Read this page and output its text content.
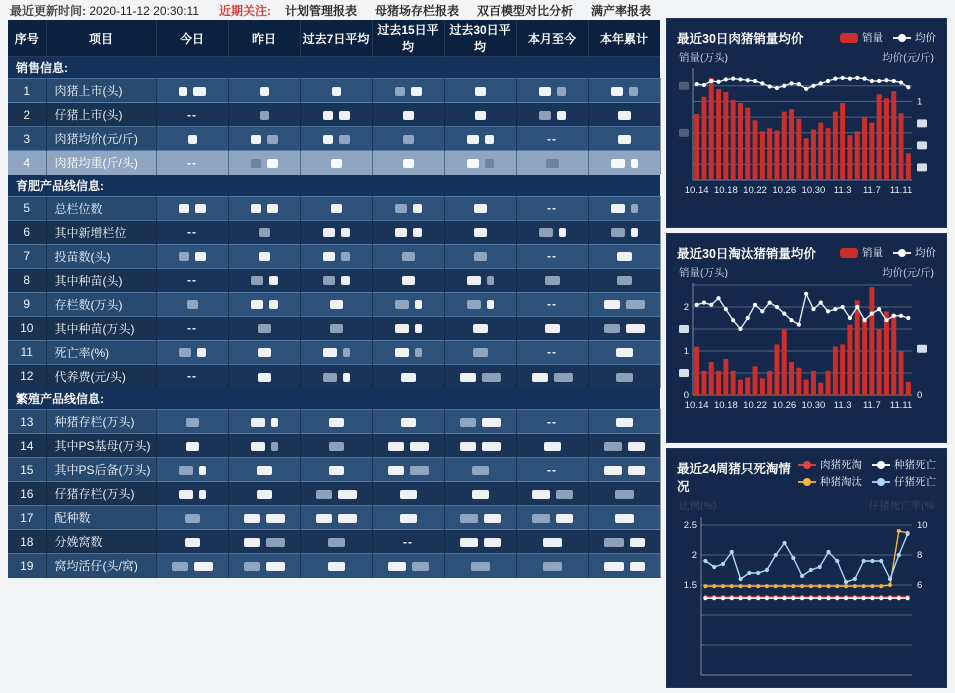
最近更新时间: 2020-11-12 20:30:11 近期关注: 计划管理报表 母猪场存栏报表 双百模型对比分析 满产率报表
序号	项目	今日	昨日	过去7日平均	过去15日平均	过去30日平均	本月至今	本年累计
销售信息:								
1	肉猪上市(头)							
2	仔猪上市(头)	--						
3	肉猪均价(元/斤)						--	
4	肉猪均重(斤/头)	--						
育肥产品线信息:								
5	总栏位数						--	
6	其中新增栏位	--						
7	投苗数(头)						--	
8	其中种苗(头)	--						
9	存栏数(万头)						--	
10	其中种苗(万头)	--						
11	死亡率(%)						--	
12	代养费(元/头)	--						
繁殖产品线信息:								
13	种猪存栏(万头)						--	
14	其中PS基母(万头)							
15	其中PS后备(万头)						--	
16	仔猪存栏(万头)							
17	配种数							
18	分娩窝数				--			
19	窝均活仔(头/窝)							
最近30日肉猪销量均价	销量	均价
销量(万头)	均价(元/斤)
1
10.14 10.18 10.22 10.26 10.30 11.3 11.7 11.11
最近30日淘汰猪销量均价	销量	均价
销量(万头)	均价(元/斤)
2
1
0	0
10.14 10.18 10.22 10.26 10.30 11.3 11.7 11.11
最近24周猪只死淘情况
肉猪死淘	种猪死亡
种猪淘汰	仔猪死亡
比例(%)	仔猪死亡率(%
2.5
2
1.5
10
8
6
